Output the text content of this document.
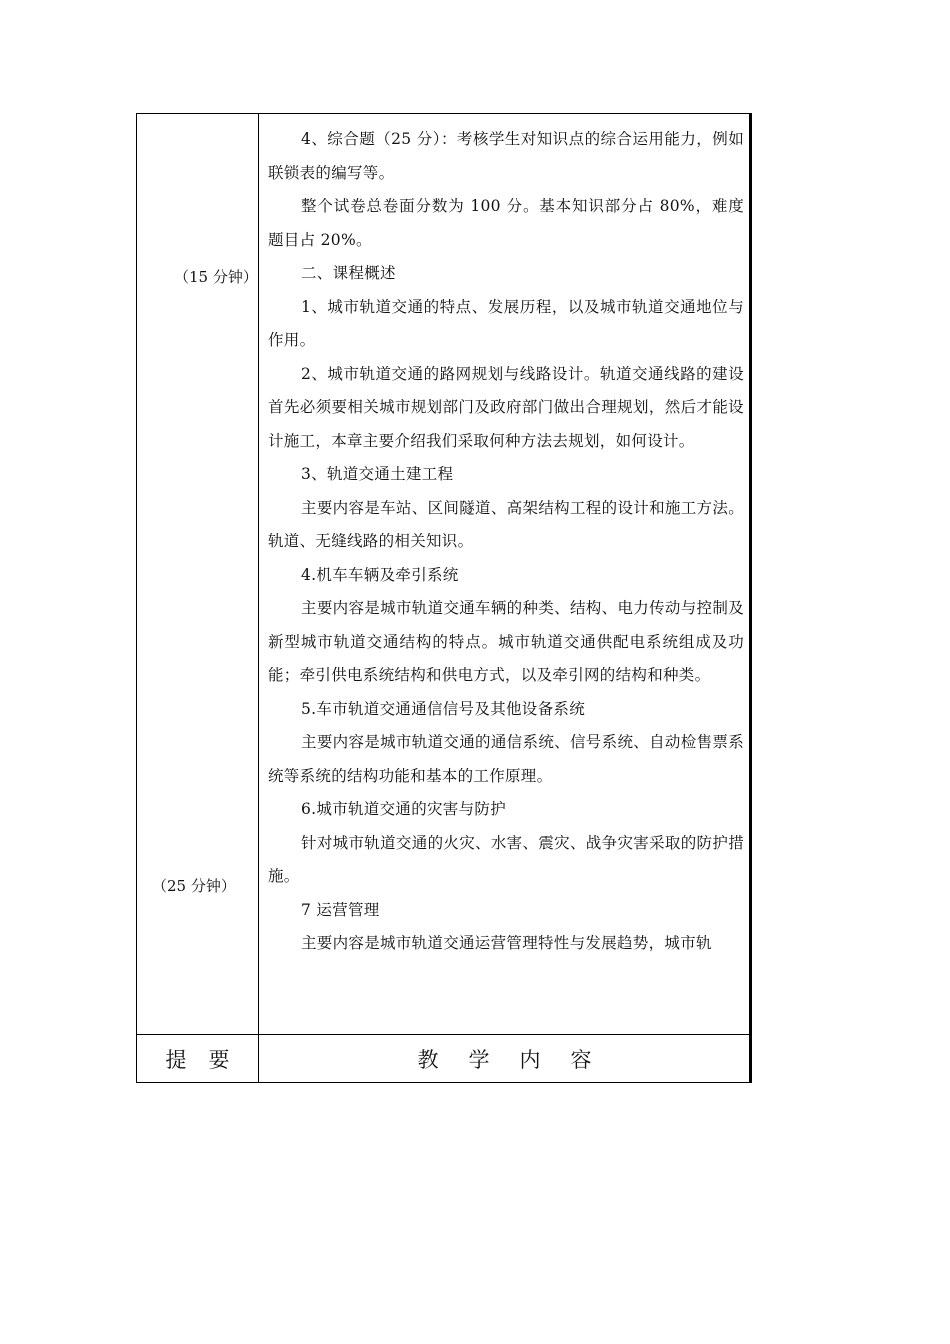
（15 分钟）
（25 分钟）

4、综合题（25 分）：考核学生对知识点的综合运用能力，例如联锁表的编写等。

整个试卷总卷面分数为 100 分。基本知识部分占 80%，难度题目占 20%。

二、课程概述

1、城市轨道交通的特点、发展历程，以及城市轨道交通地位与作用。

2、城市轨道交通的路网规划与线路设计。轨道交通线路的建设首先必须要相关城市规划部门及政府部门做出合理规划，然后才能设计施工，本章主要介绍我们采取何种方法去规划，如何设计。

3、轨道交通土建工程

主要内容是车站、区间隧道、高架结构工程的设计和施工方法。轨道、无缝线路的相关知识。

4.机车车辆及牵引系统

主要内容是城市轨道交通车辆的种类、结构、电力传动与控制及新型城市轨道交通结构的特点。城市轨道交通供配电系统组成及功能；牵引供电系统结构和供电方式，以及牵引网的结构和种类。

5.车市轨道交通通信信号及其他设备系统

主要内容是城市轨道交通的通信系统、信号系统、自动检售票系统等系统的结构功能和基本的工作原理。

6.城市轨道交通的灾害与防护

针对城市轨道交通的火灾、水害、震灾、战争灾害采取的防护措施。

7 运营管理

主要内容是城市轨道交通运营管理特性与发展趋势，城市轨

提要	教学内容
